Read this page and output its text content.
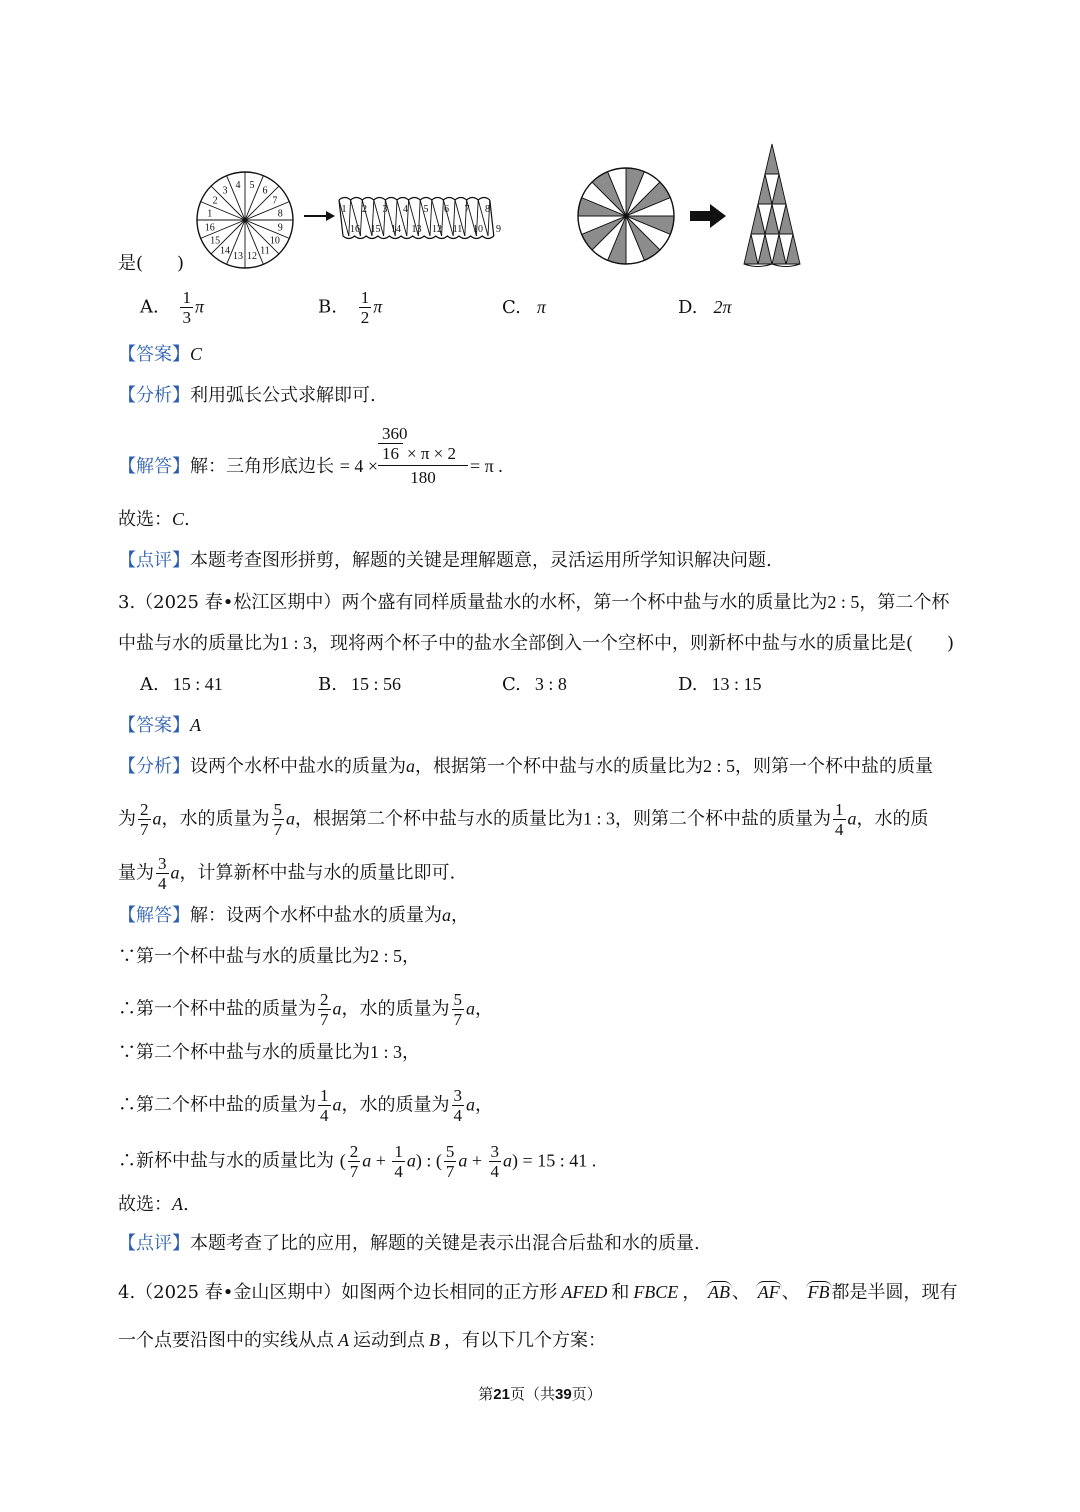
1
2
3 4 5 6
7
8
9
10
11
12
13
14
15
16
1
16
2
15
3
14
4
13
5
12
6
11
7
10
8
9
是( )
A. $\frac{1}{3}$ π	B. $\frac{1}{2}$ π	C. π	D. 2π
【答案】C
【分析】利用弧长公式求解即可.
【解答】解：三角形底边长 = 4 ×
360
16 × π × 2
180
= π .
故选：C.
【点评】本题考查图形拼剪，解题的关键是理解题意，灵活运用所学知识解决问题.
3.（2025 春•松江区期中）两个盛有同样质量盐水的水杯，第一个杯中盐与水的质量比为2 : 5，第二个杯
中盐与水的质量比为1 : 3，现将两个杯子中的盐水全部倒入一个空杯中，则新杯中盐与水的质量比是( )
A. 15 : 41	B. 15 : 56	C. 3 : 8	D. 13 : 15
【答案】A
【分析】设两个水杯中盐水的质量为a，根据第一个杯中盐与水的质量比为2 : 5，则第一个杯中盐的质量
为 $\frac{2}{7}$ a，水的质量为 $\frac{5}{7}$ a，根据第二个杯中盐与水的质量比为1 : 3，则第二个杯中盐的质量为 $\frac{1}{4}$ a，水的质
量为 $\frac{3}{4}$ a，计算新杯中盐与水的质量比即可.
【解答】解：设两个水杯中盐水的质量为a，
∵第一个杯中盐与水的质量比为2 : 5，
∴第一个杯中盐的质量为 $\frac{2}{7}$ a，水的质量为 $\frac{5}{7}$ a，
∵第二个杯中盐与水的质量比为1 : 3，
∴第二个杯中盐的质量为 $\frac{1}{4}$ a，水的质量为 $\frac{3}{4}$ a，
∴新杯中盐与水的质量比为 ( $\frac{2}{7}$ $a + \frac{1}{4} a$) : ( $\frac{5}{7}$ $a + \frac{3}{4} a) = 15$ : 41 .
故选：A.
【点评】本题考查了比的应用，解题的关键是表示出混合后盐和水的质量.
4.（2025 春•金山区期中）如图两个边长相同的正方形 AFED 和 FBCE ， AB 、 AF 、 FB 都是半圆，现有
一个点要沿图中的实线从点 A 运动到点 B ，有以下几个方案：
第21页（共39页）
